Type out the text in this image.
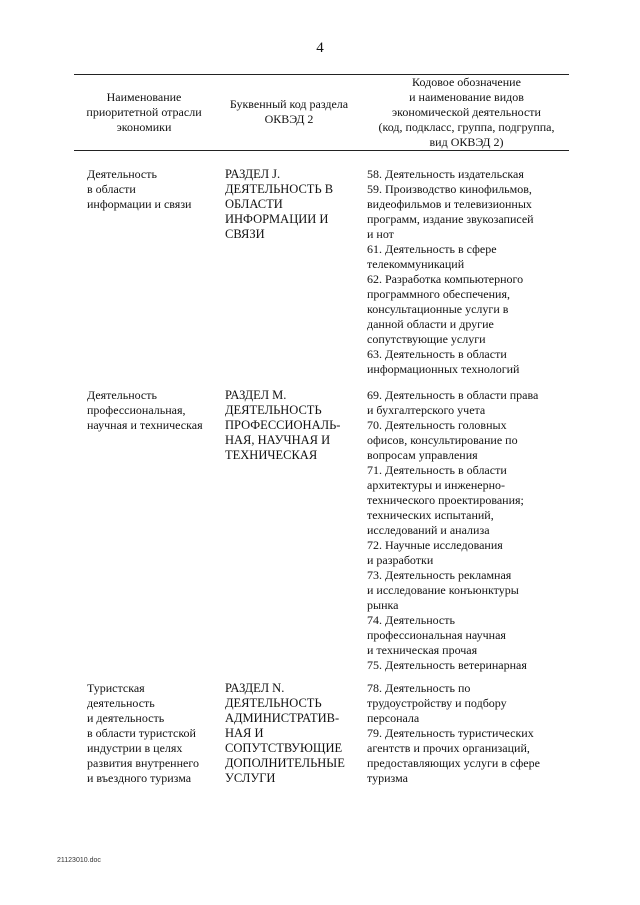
4
Наименование
приоритетной отрасли
экономики
Буквенный код раздела
ОКВЭД 2
Кодовое обозначение
и наименование видов
экономической деятельности
(код, подкласс, группа, подгруппа,
вид ОКВЭД 2)
Деятельность
в области
информации и связи
РАЗДЕЛ J.
ДЕЯТЕЛЬНОСТЬ В
ОБЛАСТИ
ИНФОРМАЦИИ И
СВЯЗИ
58. Деятельность издательская
59. Производство кинофильмов,
видеофильмов и телевизионных
программ, издание звукозаписей
и нот
61. Деятельность в сфере
телекоммуникаций
62. Разработка компьютерного
программного обеспечения,
консультационные услуги в
данной области и другие
сопутствующие услуги
63. Деятельность в области
информационных технологий
Деятельность
профессиональная,
научная и техническая
РАЗДЕЛ М.
ДЕЯТЕЛЬНОСТЬ
ПРОФЕССИОНАЛЬ-
НАЯ, НАУЧНАЯ И
ТЕХНИЧЕСКАЯ
69. Деятельность в области права
и бухгалтерского учета
70. Деятельность головных
офисов, консультирование по
вопросам управления
71. Деятельность в области
архитектуры и инженерно-
технического проектирования;
технических испытаний,
исследований и анализа
72. Научные исследования
и разработки
73. Деятельность рекламная
и исследование конъюнктуры
рынка
74. Деятельность
профессиональная научная
и техническая прочая
75. Деятельность ветеринарная
Туристская
деятельность
и деятельность
в области туристской
индустрии в целях
развития внутреннего
и въездного туризма
РАЗДЕЛ N.
ДЕЯТЕЛЬНОСТЬ
АДМИНИСТРАТИВ-
НАЯ И
СОПУТСТВУЮЩИЕ
ДОПОЛНИТЕЛЬНЫЕ
УСЛУГИ
78. Деятельность по
трудоустройству и подбору
персонала
79. Деятельность туристических
агентств и прочих организаций,
предоставляющих услуги в сфере
туризма
21123010.doc
